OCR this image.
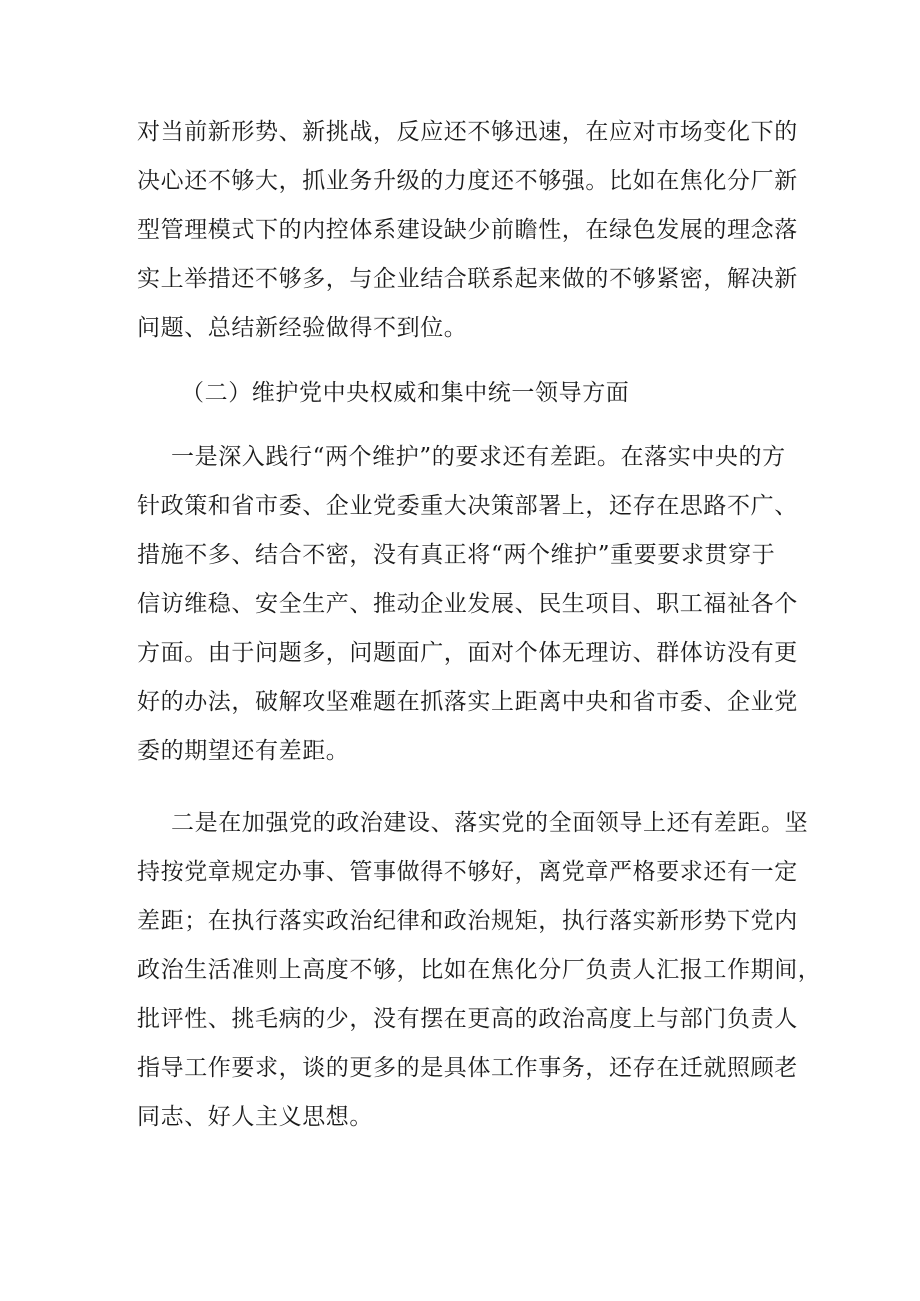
对当前新形势、新挑战，反应还不够迅速，在应对市场变化下的
决心还不够大，抓业务升级的力度还不够强。比如在焦化分厂新
型管理模式下的内控体系建设缺少前瞻性，在绿色发展的理念落
实上举措还不够多，与企业结合联系起来做的不够紧密，解决新
问题、总结新经验做得不到位。
（二）维护党中央权威和集中统一领导方面
一是深入践行“两个维护”的要求还有差距。在落实中央的方
针政策和省市委、企业党委重大决策部署上，还存在思路不广、
措施不多、结合不密，没有真正将“两个维护”重要要求贯穿于
信访维稳、安全生产、推动企业发展、民生项目、职工福祉各个
方面。由于问题多，问题面广，面对个体无理访、群体访没有更
好的办法，破解攻坚难题在抓落实上距离中央和省市委、企业党
委的期望还有差距。
二是在加强党的政治建设、落实党的全面领导上还有差距。坚
持按党章规定办事、管事做得不够好，离党章严格要求还有一定
差距；在执行落实政治纪律和政治规矩，执行落实新形势下党内
政治生活准则上高度不够，比如在焦化分厂负责人汇报工作期间，
批评性、挑毛病的少，没有摆在更高的政治高度上与部门负责人
指导工作要求，谈的更多的是具体工作事务，还存在迁就照顾老
同志、好人主义思想。
